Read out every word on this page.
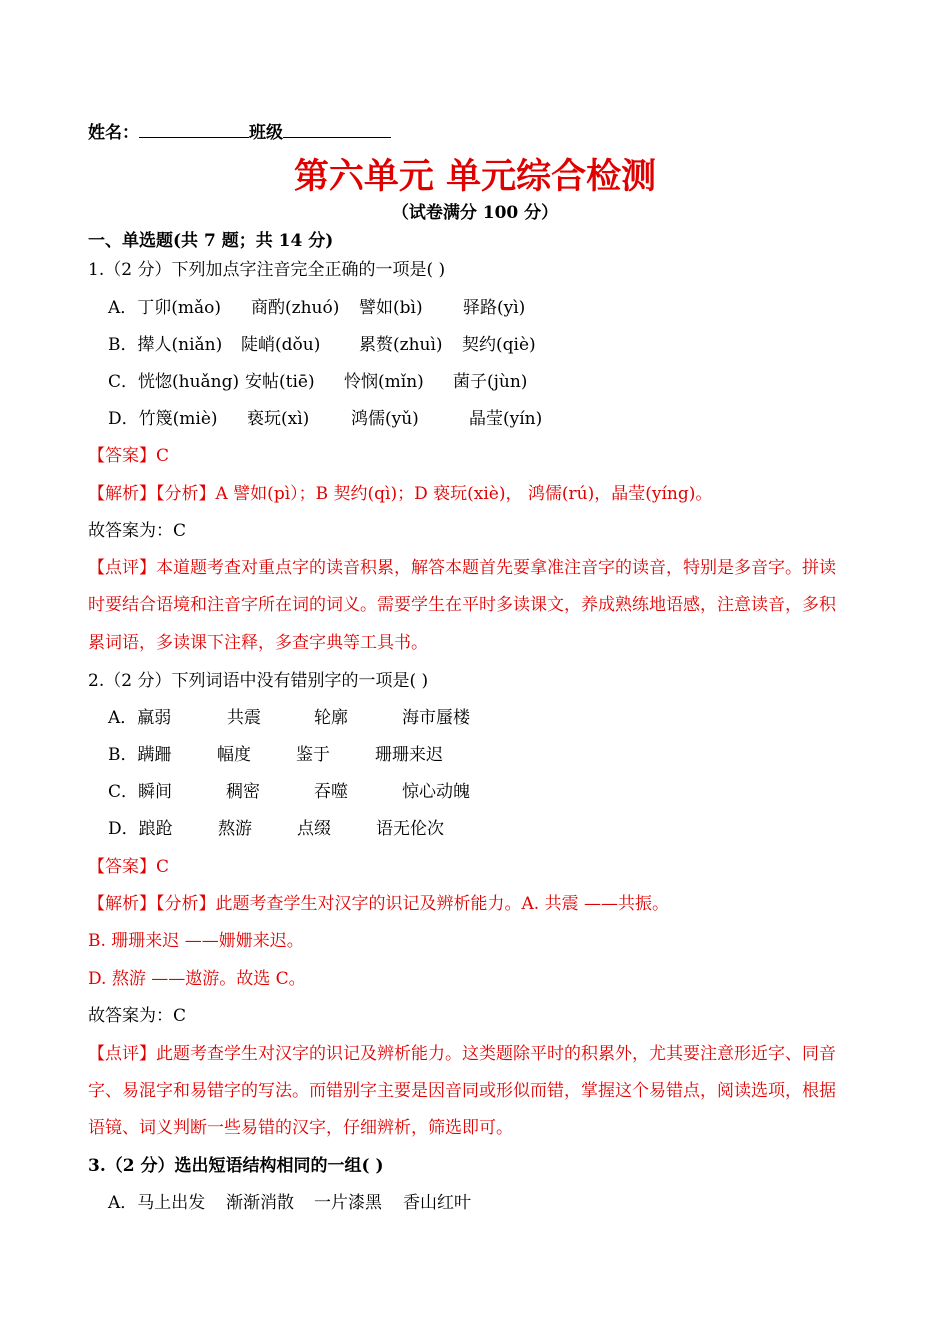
姓名：	班级
第六单元 单元综合检测
（试卷满分 100 分）
一、单选题(共 7 题；共 14 分)
1.（2 分）下列加点字注音完全正确的一项是( )
A．丁卯(mǎo) 商酌(zhuó) 譬如(bì) 驿路(yì)
B．撵人(niǎn) 陡峭(dǒu) 累赘(zhuì) 契约(qiè)
C．恍惚(huǎng) 安帖(tiē) 怜悯(mǐn) 菌子(jùn)
D．竹篾(miè) 亵玩(xì) 鸿儒(yǔ)	晶莹(yín)
【答案】C
【解析】【分析】A 譬如(pì）；B 契约(qì)；D 亵玩(xiè)， 鸿儒(rú)，晶莹(yíng)。
故答案为：C
【点评】本道题考查对重点字的读音积累，解答本题首先要拿准注音字的读音，特别是多音字。拼读
时要结合语境和注音字所在词的词义。需要学生在平时多读课文，养成熟练地语感，注意读音，多积
累词语，多读课下注释，多查字典等工具书。
2.（2 分）下列词语中没有错别字的一项是( )
A．羸弱	共震	轮廓	海市蜃楼
B．蹒跚	幅度	鉴于	珊珊来迟
C．瞬间	稠密	吞噬	惊心动魄
D．踉跄	熬游	点缀	语无伦次
【答案】C
【解析】【分析】此题考查学生对汉字的识记及辨析能力。A. 共震 ——共振。
B. 珊珊来迟 ——姗姗来迟。
D. 熬游 ——遨游。故选 C。
故答案为：C
【点评】此题考查学生对汉字的识记及辨析能力。这类题除平时的积累外，尤其要注意形近字、同音
字、易混字和易错字的写法。而错别字主要是因音同或形似而错，掌握这个易错点，阅读选项，根据
语镜、词义判断一些易错的汉字，仔细辨析，筛选即可。
3.（2 分）选出短语结构相同的一组( )
A．马上出发 渐渐消散 一片漆黑 香山红叶
